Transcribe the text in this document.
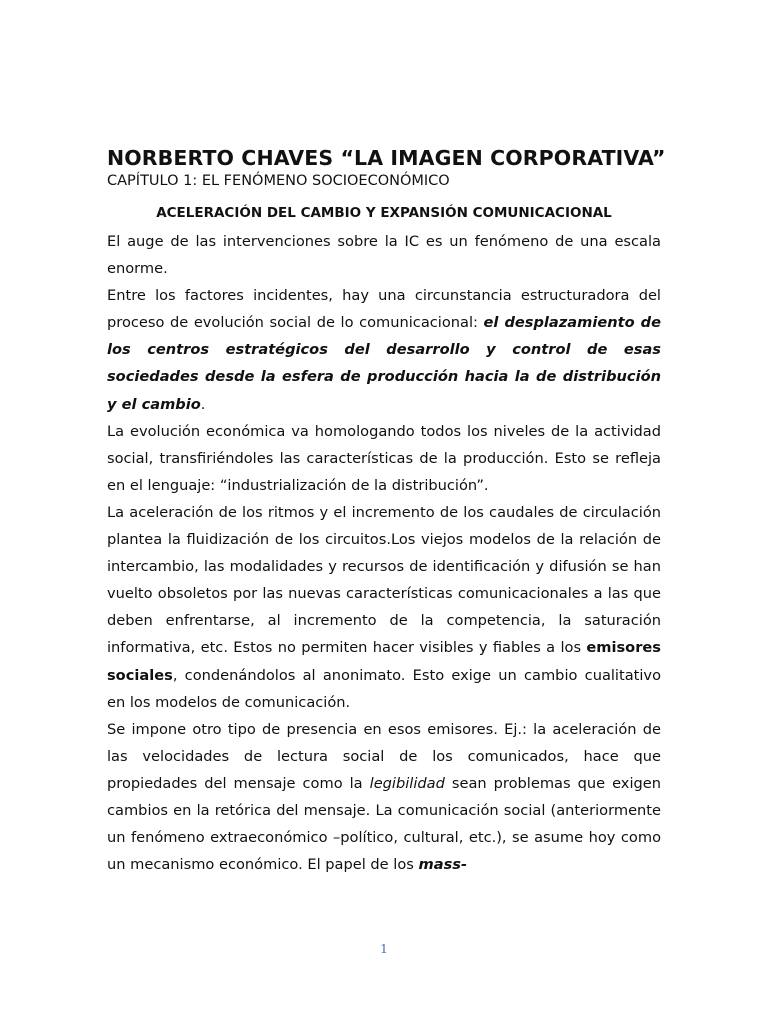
NORBERTO CHAVES “LA IMAGEN CORPORATIVA”
CAPÍTULO 1: EL FENÓMENO SOCIOECONÓMICO
ACELERACIÓN DEL CAMBIO Y EXPANSIÓN COMUNICACIONAL

El auge de las intervenciones sobre la IC es un fenómeno de una escala enorme.

Entre los factores incidentes, hay una circunstancia estructuradora del proceso de evolución social de lo comunicacional: el desplazamiento de los centros estratégicos del desarrollo y control de esas sociedades desde la esfera de producción hacia la de distribución y el cambio.

La evolución económica va homologando todos los niveles de la actividad social, transfiriéndoles las características de la producción. Esto se refleja en el lenguaje: “industrialización de la distribución”.

La aceleración de los ritmos y el incremento de los caudales de circulación plantea la fluidización de los circuitos.Los viejos modelos de la relación de intercambio, las modalidades y recursos de identificación y difusión se han vuelto obsoletos por las nuevas características comunicacionales a las que deben enfrentarse, al incremento de la competencia, la saturación informativa, etc. Estos no permiten hacer visibles y fiables a los emisores sociales, condenándolos al anonimato. Esto exige un cambio cualitativo en los modelos de comunicación.

Se impone otro tipo de presencia en esos emisores. Ej.: la aceleración de las velocidades de lectura social de los comunicados, hace que propiedades del mensaje como la legibilidad sean problemas que exigen cambios en la retórica del mensaje. La comunicación social (anteriormente un fenómeno extraeconómico –político, cultural, etc.), se asume hoy como un mecanismo económico. El papel de los mass-

1
